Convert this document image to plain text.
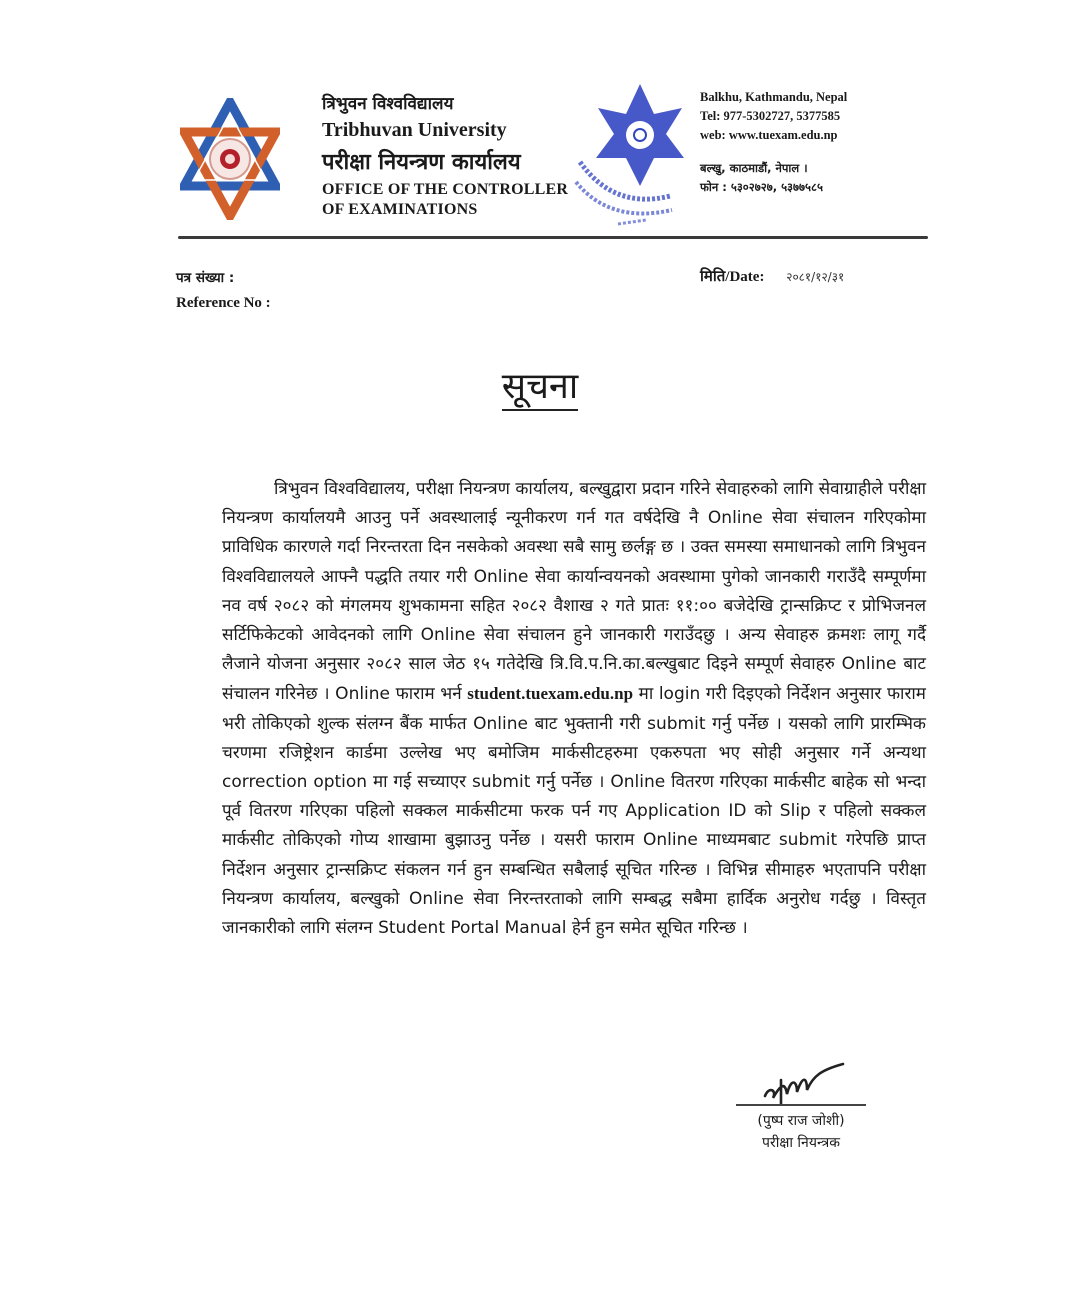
त्रिभुवन विश्वविद्यालय
Tribhuvan University
परीक्षा नियन्त्रण कार्यालय
OFFICE OF THE CONTROLLER
OF EXAMINATIONS
Balkhu, Kathmandu, Nepal
Tel: 977-5302727, 5377585
web: www.tuexam.edu.np
बल्खु, काठमाडौं, नेपाल ।
फोन : ५३०२७२७, ५३७७५८५
पत्र संख्या :
Reference No :
मिति/Date: २०८१/१२/३१
सूचना

त्रिभुवन विश्वविद्यालय, परीक्षा नियन्त्रण कार्यालय, बल्खुद्वारा प्रदान गरिने सेवाहरुको लागि सेवाग्राहीले परीक्षा नियन्त्रण कार्यालयमै आउनु पर्ने अवस्थालाई न्यूनीकरण गर्न गत वर्षदेखि नै Online सेवा संचालन गरिएकोमा प्राविधिक कारणले गर्दा निरन्तरता दिन नसकेको अवस्था सबै सामु छर्लङ्ग छ । उक्त समस्या समाधानको लागि त्रिभुवन विश्वविद्यालयले आफ्नै पद्धति तयार गरी Online सेवा कार्यान्वयनको अवस्थामा पुगेको जानकारी गराउँदै सम्पूर्णमा नव वर्ष २०८२ को मंगलमय शुभकामना सहित २०८२ वैशाख २ गते प्रातः ११:०० बजेदेखि ट्रान्सक्रिप्ट र प्रोभिजनल सर्टिफिकेटको आवेदनको लागि Online सेवा संचालन हुने जानकारी गराउँदछु । अन्य सेवाहरु क्रमशः लागू गर्दै लैजाने योजना अनुसार २०८२ साल जेठ १५ गतेदेखि त्रि.वि.प.नि.का.बल्खुबाट दिइने सम्पूर्ण सेवाहरु Online बाट संचालन गरिनेछ । Online फाराम भर्न student.tuexam.edu.np मा login गरी दिइएको निर्देशन अनुसार फाराम भरी तोकिएको शुल्क संलग्न बैंक मार्फत Online बाट भुक्तानी गरी submit गर्नु पर्नेछ । यसको लागि प्रारम्भिक चरणमा रजिष्ट्रेशन कार्डमा उल्लेख भए बमोजिम मार्कसीटहरुमा एकरुपता भए सोही अनुसार गर्ने अन्यथा correction option मा गई सच्याएर submit गर्नु पर्नेछ । Online वितरण गरिएका मार्कसीट बाहेक सो भन्दा पूर्व वितरण गरिएका पहिलो सक्कल मार्कसीटमा फरक पर्न गए Application ID को Slip र पहिलो सक्कल मार्कसीट तोकिएको गोप्य शाखामा बुझाउनु पर्नेछ । यसरी फाराम Online माध्यमबाट submit गरेपछि प्राप्त निर्देशन अनुसार ट्रान्सक्रिप्ट संकलन गर्न हुन सम्बन्धित सबैलाई सूचित गरिन्छ । विभिन्न सीमाहरु भएतापनि परीक्षा नियन्त्रण कार्यालय, बल्खुको Online सेवा निरन्तरताको लागि सम्बद्ध सबैमा हार्दिक अनुरोध गर्दछु । विस्तृत जानकारीको लागि संलग्न Student Portal Manual हेर्न हुन समेत सूचित गरिन्छ ।

(पुष्प राज जोशी)
परीक्षा नियन्त्रक
